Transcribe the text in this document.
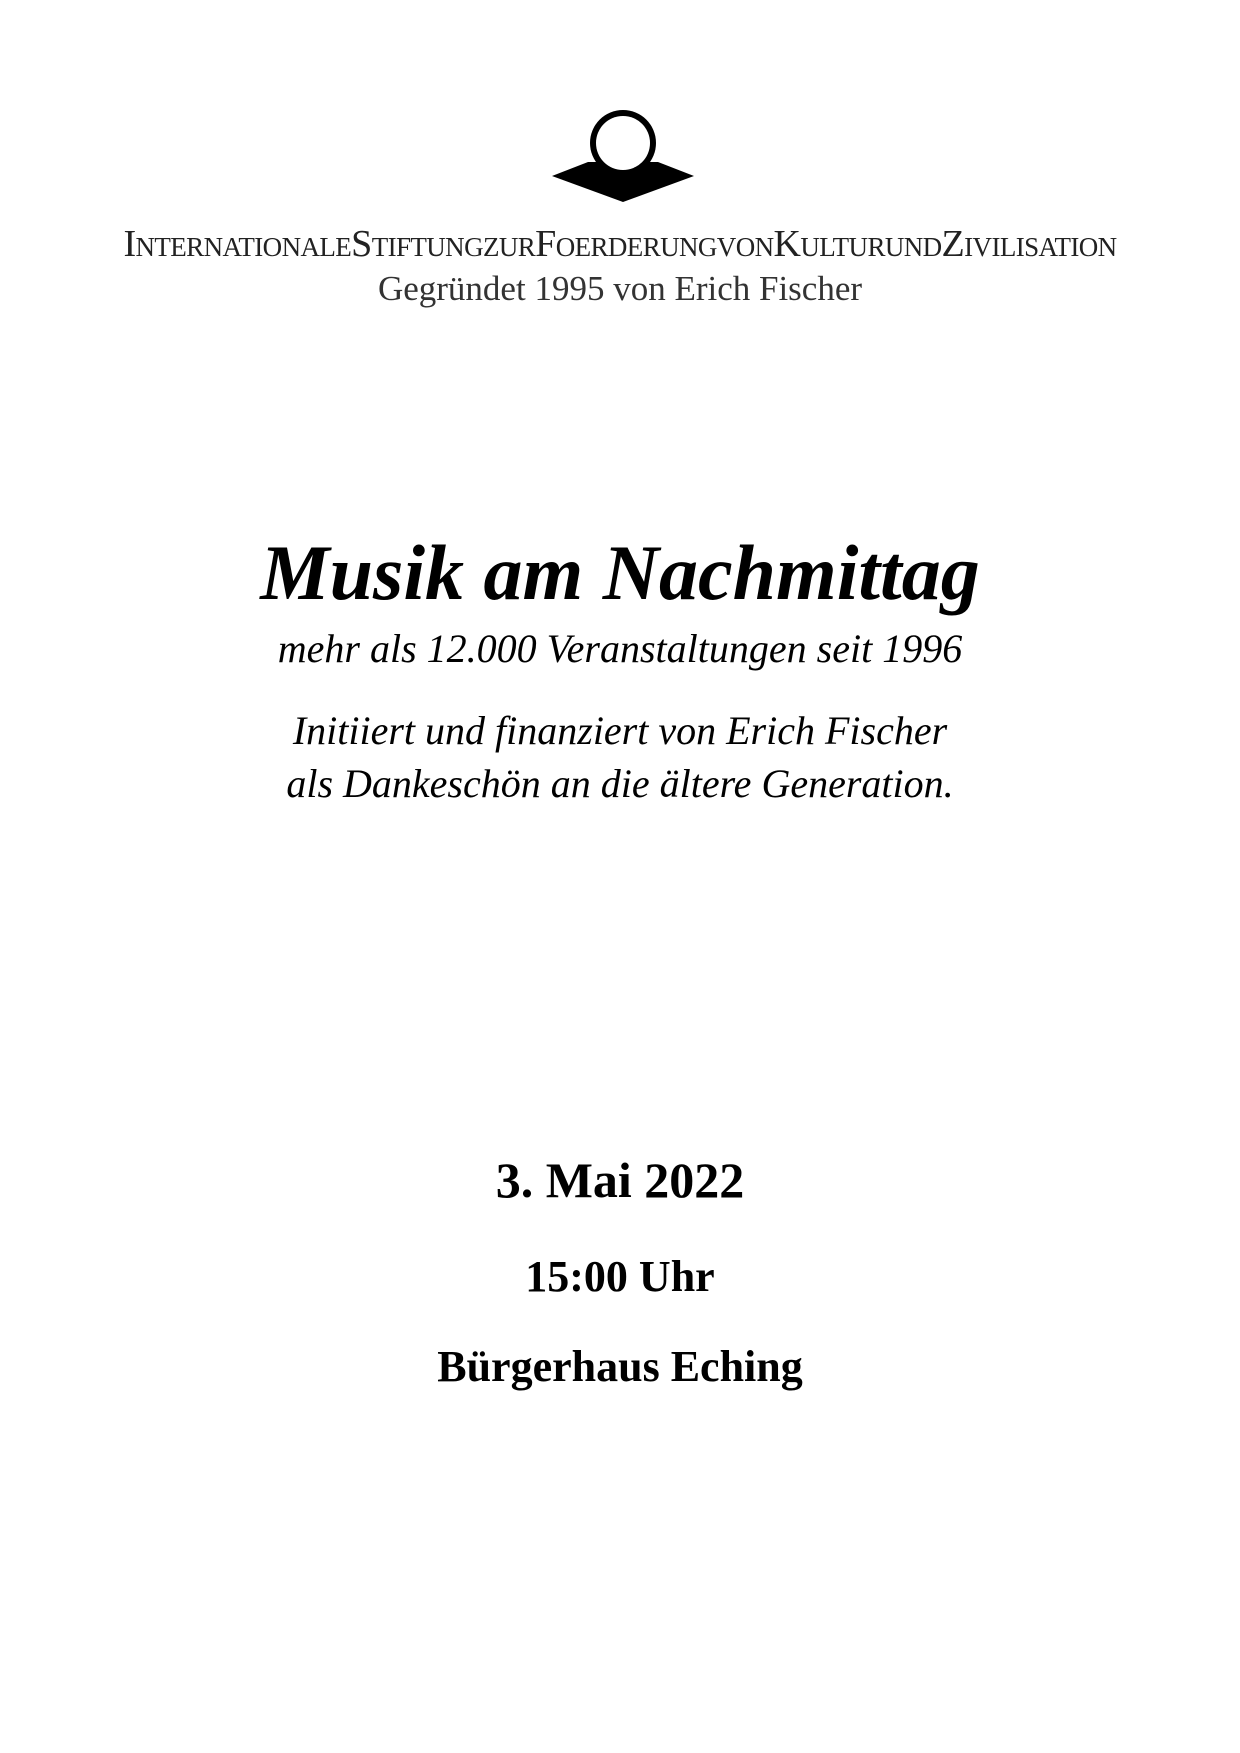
InternationaleStiftungzurFoerderungvonKulturundZivilisation
Gegründet 1995 von Erich Fischer
Musik am Nachmittag
mehr als 12.000 Veranstaltungen seit 1996
Initiiert und finanziert von Erich Fischer
als Dankeschön an die ältere Generation.
3. Mai 2022
15:00 Uhr
Bürgerhaus Eching
